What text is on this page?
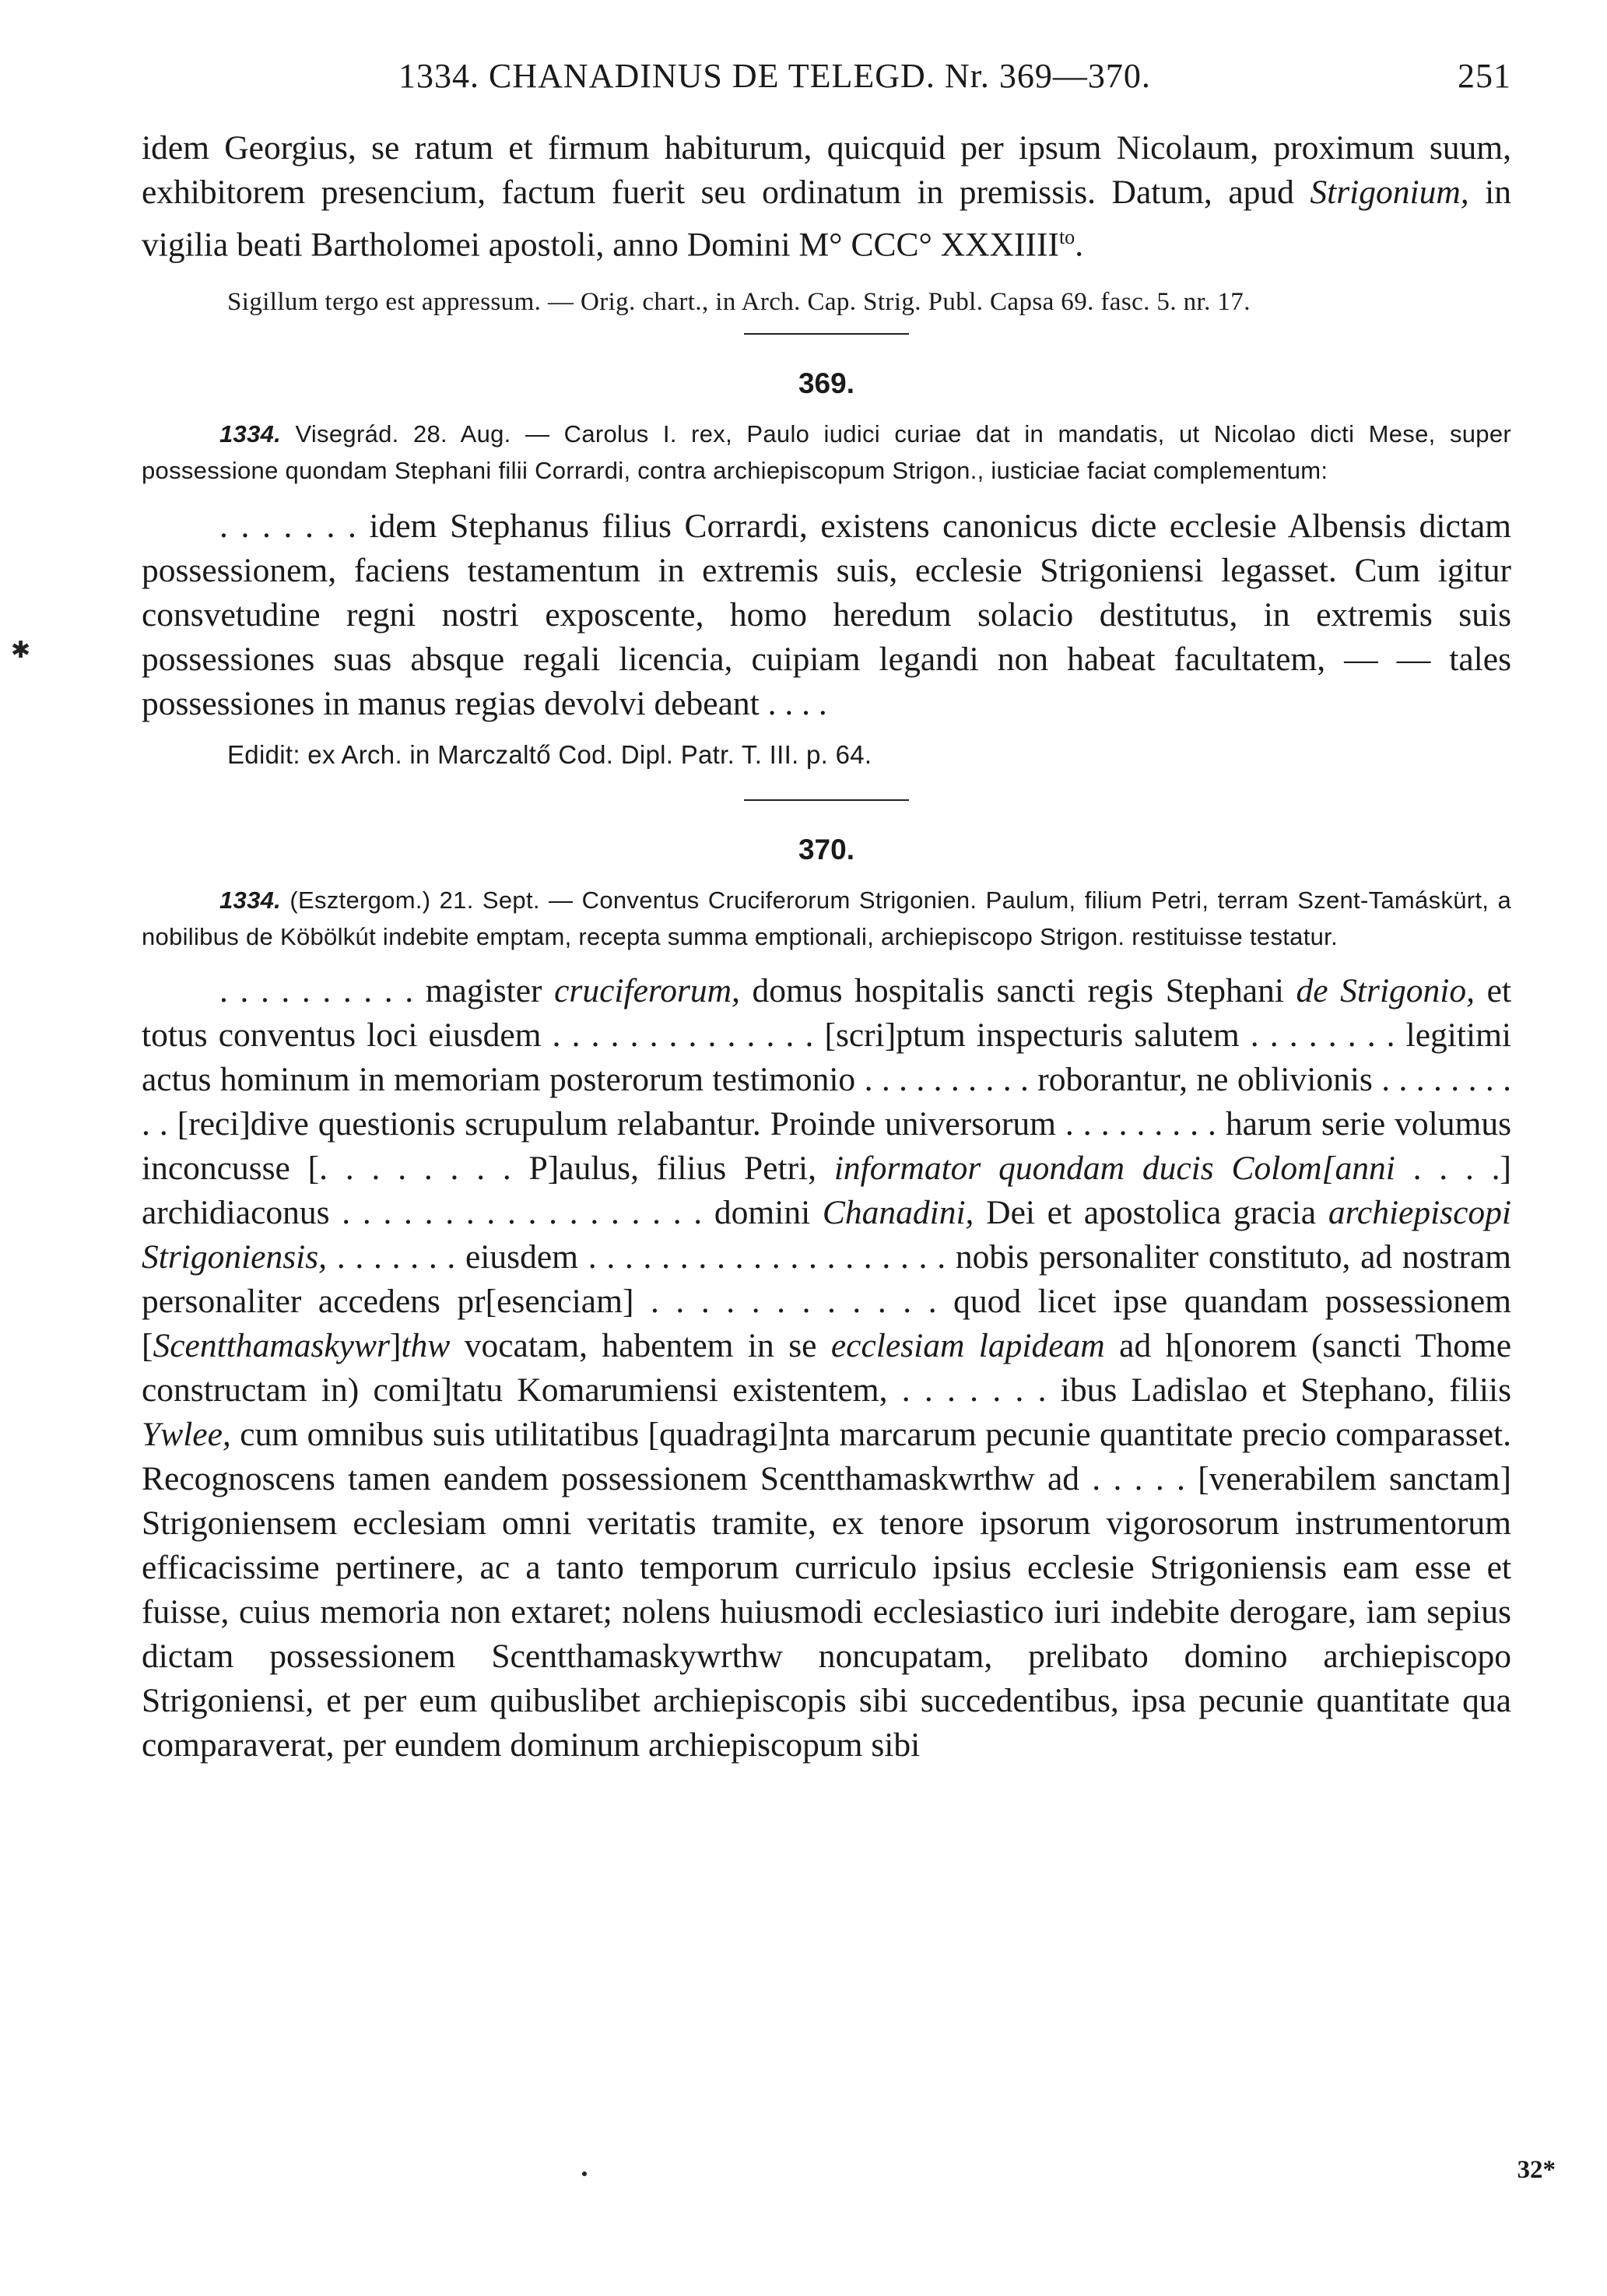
1334. CHANADINUS DE TELEGD. Nr. 369—370.	251

idem Georgius, se ratum et firmum habiturum, quicquid per ipsum Nicolaum, proximum suum, exhibitorem presencium, factum fuerit seu ordinatum in premissis. Datum, apud Strigonium, in vigilia beati Bartholomei apostoli, anno Domini M° CCC° $XXXIIII^{to}$.

Sigillum tergo est appressum. — Orig. chart., in Arch. Cap. Strig. Publ. Capsa 69. fasc. 5. nr. 17.

369.

1334. Visegrád. 28. Aug. — Carolus I. rex, Paulo iudici curiae dat in mandatis, ut Nicolao dicti Mese, super possessione quondam Stephani filii Corrardi, contra archiepiscopum Strigon., iusticiae faciat complementum:

. . . . . . . idem Stephanus filius Corrardi, existens canonicus dicte ecclesie Albensis dictam possessionem, faciens testamentum in extremis suis, ecclesie Strigoniensi legasset. Cum igitur consvetudine regni nostri exposcente, homo heredum solacio destitutus, in extremis suis possessiones suas absque regali licencia, cuipiam legandi non habeat facultatem, — — tales possessiones in manus regias devolvi debeant . . . .

Edidit: ex Arch. in Marczaltő Cod. Dipl. Patr. T. III. p. 64.

370.

1334. (Esztergom.) 21. Sept. — Conventus Cruciferorum Strigonien. Paulum, filium Petri, terram Szent-Tamáskürt, a nobilibus de Köbölkút indebite emptam, recepta summa emptionali, archiepiscopo Strigon. restituisse testatur.

. . . . . . . . . . magister cruciferorum, domus hospitalis sancti regis Stephani de Strigonio, et totus conventus loci eiusdem . . . . . . . . . . . . . . [scri]ptum inspecturis salutem . . . . . . . . legitimi actus hominum in memoriam posterorum testimonio . . . . . . . . . . roborantur, ne oblivionis . . . . . . . . . . [reci]dive questionis scrupulum relabantur. Proinde universorum . . . . . . . . . harum serie volumus inconcusse [. . . . . . . . P]aulus, filius Petri, informator quondam ducis Colom[anni . . . .] archidiaconus . . . . . . . . . . . . . . . . . . domini Chanadini, Dei et apostolica gracia archiepiscopi Strigoniensis, . . . . . . . eiusdem . . . . . . . . . . . . . . . . . . . . nobis personaliter constituto, ad nostram personaliter accedens pr[esenciam] . . . . . . . . . . . . quod licet ipse quandam possessionem [Scentthamaskywr]thw vocatam, habentem in se ecclesiam lapideam ad h[onorem (sancti Thome constructam in) comi]tatu Komarumiensi existentem, . . . . . . . ibus Ladislao et Stephano, filiis Ywlee, cum omnibus suis utilitatibus [quadragi]nta marcarum pecunie quantitate precio comparasset. Recognoscens tamen eandem possessionem Scentthamaskwrthw ad . . . . . [venerabilem sanctam] Strigoniensem ecclesiam omni veritatis tramite, ex tenore ipsorum vigorosorum instrumentorum efficacissime pertinere, ac a tanto temporum curriculo ipsius ecclesie Strigoniensis eam esse et fuisse, cuius memoria non extaret; nolens huiusmodi ecclesiastico iuri indebite derogare, iam sepius dictam possessionem Scentthamaskywrthw noncupatam, prelibato domino archiepiscopo Strigoniensi, et per eum quibuslibet archiepiscopis sibi succedentibus, ipsa pecunie quantitate qua comparaverat, per eundem dominum archiepiscopum sibi

✱
32*
